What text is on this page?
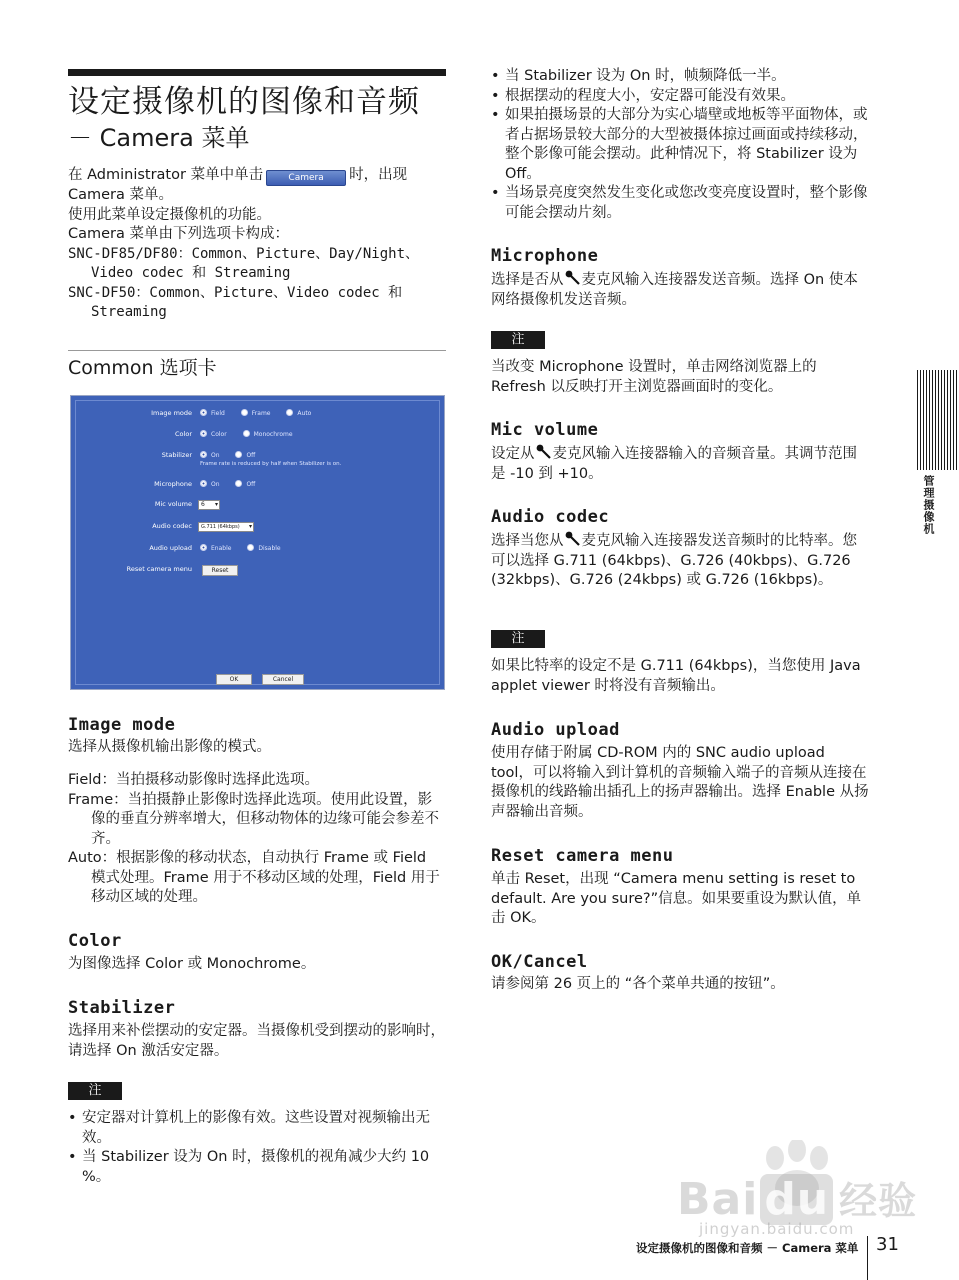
设定摄像机的图像和音频
－ Camera 菜单
在 Administrator 菜单中单击	Camera 时，出现
Camera 菜单。
使用此菜单设定摄像机的功能。
Camera 菜单由下列选项卡构成：
SNC-DF85/DF80：Common、Picture、Day/Night、Video codec 和 Streaming
SNC-DF50：Common、Picture、Video codec 和 Streaming
Common 选项卡
Image mode	Field	Frame	Auto
Color	Color	Monochrome
Stabilizer	On	Off
Frame rate is reduced by half when Stabilizer is on.
Microphone	On	Off
Mic volume	6 ▾
Audio codec	G.711 (64kbps) ▾
Audio upload	Enable	Disable
Reset camera menu	Reset
OK	Cancel
Image mode

选择从摄像机输出影像的模式。

Field：当拍摄移动影像时选择此选项。
Frame：当拍摄静止影像时选择此选项。使用此设置，影像的垂直分辨率增大，但移动物体的边缘可能会参差不齐。
Auto：根据影像的移动状态，自动执行 Frame 或 Field 模式处理。Frame 用于不移动区域的处理，Field 用于移动区域的处理。
Color

为图像选择 Color 或 Monochrome。

Stabilizer

选择用来补偿摆动的安定器。当摄像机受到摆动的影响时，请选择 On 激活安定器。

注
• 安定器对计算机上的影像有效。这些设置对视频输出无效。
• 当 Stabilizer 设为 On 时，摄像机的视角减少大约 10 %。
• 当 Stabilizer 设为 On 时，帧频降低一半。
• 根据摆动的程度大小，安定器可能没有效果。
• 如果拍摄场景的大部分为实心墙壁或地板等平面物体，或者占据场景较大部分的大型被摄体掠过画面或持续移动，整个影像可能会摆动。此种情况下，将 Stabilizer 设为 Off。
• 当场景亮度突然发生变化或您改变亮度设置时，整个影像可能会摆动片刻。
Microphone

选择是否从 麦克风输入连接器发送音频。选择 On 使本网络摄像机发送音频。

注

当改变 Microphone 设置时，单击网络浏览器上的 Refresh 以反映打开主浏览器画面时的变化。

Mic volume

设定从 麦克风输入连接器输入的音频音量。其调节范围是 -10 到 +10。

Audio codec

选择当您从 麦克风输入连接器发送音频时的比特率。您可以选择 G.711 (64kbps)、G.726 (40kbps)、G.726 (32kbps)、G.726 (24kbps) 或 G.726 (16kbps)。

注

如果比特率的设定不是 G.711 (64kbps)，当您使用 Java applet viewer 时将没有音频输出。

Audio upload

使用存储于附属 CD-ROM 内的 SNC audio upload tool，可以将输入到计算机的音频输入端子的音频从连接在摄像机的线路输出插孔上的扬声器输出。选择 Enable 从扬声器输出音频。

Reset camera menu

单击 Reset，出现 “Camera menu setting is reset to default. Are you sure?”信息。如果要重设为默认值，单击 OK。

OK/Cancel

请参阅第 26 页上的 “各个菜单共通的按钮”。

管理摄像机
Bai du 经验
jingyan.baidu.com
设定摄像机的图像和音频 － Camera 菜单 31
